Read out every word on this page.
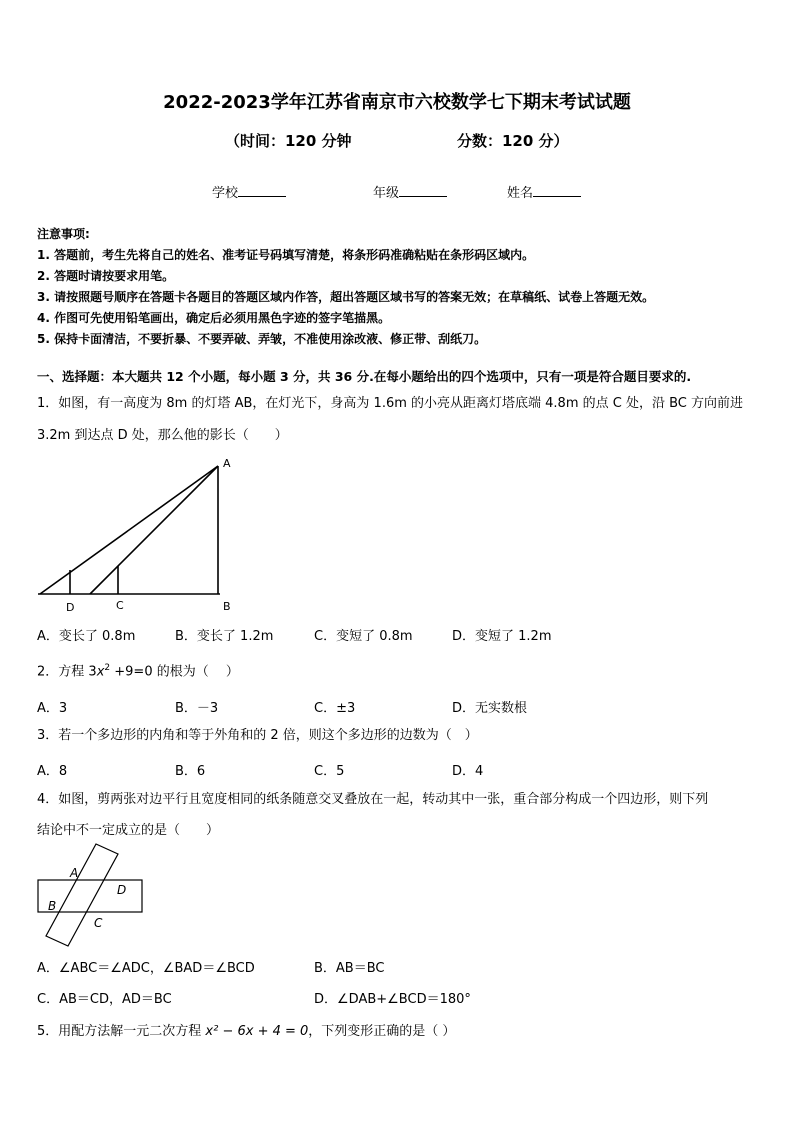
2022-2023学年江苏省南京市六校数学七下期末考试试题
（时间：120 分钟	分数：120 分）
学校	年级	姓名
注意事项:
1. 答题前，考生先将自己的姓名、准考证号码填写清楚，将条形码准确粘贴在条形码区域内。
2. 答题时请按要求用笔。
3. 请按照题号顺序在答题卡各题目的答题区域内作答，超出答题区域书写的答案无效；在草稿纸、试卷上答题无效。
4. 作图可先使用铅笔画出，确定后必须用黑色字迹的签字笔描黑。
5. 保持卡面清洁，不要折暴、不要弄破、弄皱，不准使用涂改液、修正带、刮纸刀。
一、选择题：本大题共 12 个小题，每小题 3 分，共 36 分.在每小题给出的四个选项中，只有一项是符合题目要求的.
1．如图，有一高度为 8m 的灯塔 AB，在灯光下，身高为 1.6m 的小亮从距离灯塔底端 4.8m 的点 C 处，沿 BC 方向前进
3.2m 到达点 D 处，那么他的影长（　　）
A
B
C
D
A．变长了 0.8m	B．变长了 1.2m	C．变短了 0.8m	D．变短了 1.2m
2．方程 $3x^2 +9=0$ 的根为（　 ）
A．3	B．－3	C．±3	D．无实数根
3．若一个多边形的内角和等于外角和的 2 倍，则这个多边形的边数为（　）
A．8	B．6	C．5	D．4
4．如图，剪两张对边平行且宽度相同的纸条随意交叉叠放在一起，转动其中一张，重合部分构成一个四边形，则下列
结论中不一定成立的是（　　）
A
B
C
D
A．∠ABC＝∠ADC，∠BAD＝∠BCD	B．AB＝BC
C．AB＝CD，AD＝BC	D．∠DAB+∠BCD＝180°
5．用配方法解一元二次方程 x² − 6x + 4 = 0，下列变形正确的是（ ）
